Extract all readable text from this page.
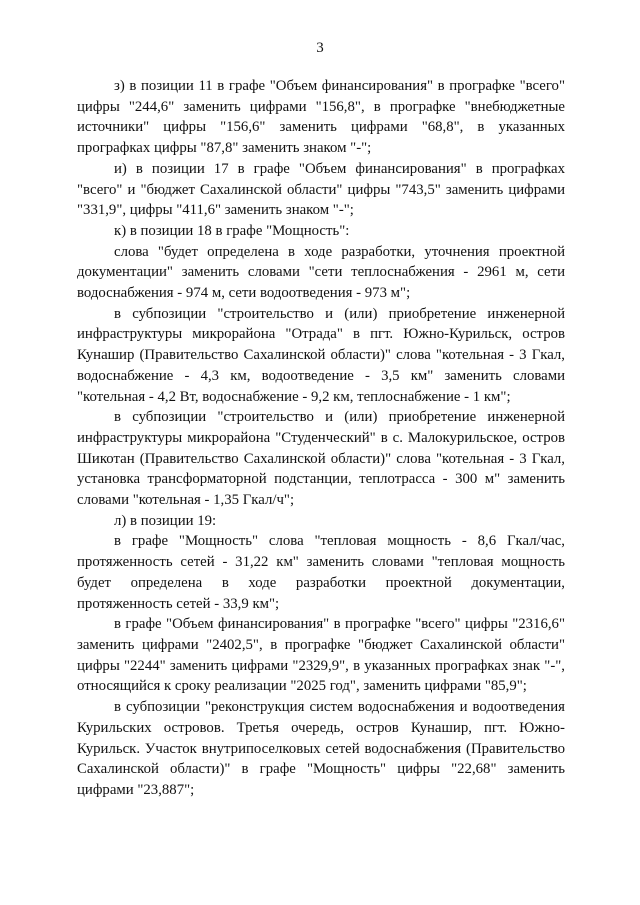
3

з) в позиции 11 в графе "Объем финансирования" в прографке "всего" цифры "244,6" заменить цифрами "156,8", в прографке "внебюджетные источники" цифры "156,6" заменить цифрами "68,8", в указанных прографках цифры "87,8" заменить знаком "-";

и) в позиции 17 в графе "Объем финансирования" в прографках "всего" и "бюджет Сахалинской области" цифры "743,5" заменить цифрами "331,9", цифры "411,6" заменить знаком "-";

к) в позиции 18 в графе "Мощность":

слова "будет определена в ходе разработки, уточнения проектной документации" заменить словами "сети теплоснабжения - 2961 м, сети водоснабжения - 974 м, сети водоотведения - 973 м";

в субпозиции "строительство и (или) приобретение инженерной инфраструктуры микрорайона "Отрада" в пгт. Южно-Курильск, остров Кунашир (Правительство Сахалинской области)" слова "котельная - 3 Гкал, водоснабжение - 4,3 км, водоотведение - 3,5 км" заменить словами "котельная - 4,2 Вт, водоснабжение - 9,2 км, теплоснабжение - 1 км";

в субпозиции "строительство и (или) приобретение инженерной инфраструктуры микрорайона "Студенческий" в с. Малокурильское, остров Шикотан (Правительство Сахалинской области)" слова "котельная - 3 Гкал, установка трансформаторной подстанции, теплотрасса - 300 м" заменить словами "котельная - 1,35 Гкал/ч";

л) в позиции 19:

в графе "Мощность" слова "тепловая мощность - 8,6 Гкал/час, протяженность сетей - 31,22 км" заменить словами "тепловая мощность будет определена в ходе разработки проектной документации, протяженность сетей - 33,9 км";

в графе "Объем финансирования" в прографке "всего" цифры "2316,6" заменить цифрами "2402,5", в прографке "бюджет Сахалинской области" цифры "2244" заменить цифрами "2329,9", в указанных прографках знак "-", относящийся к сроку реализации "2025 год", заменить цифрами "85,9";

в субпозиции "реконструкция систем водоснабжения и водоотведения Курильских островов. Третья очередь, остров Кунашир, пгт. Южно-Курильск. Участок внутрипоселковых сетей водоснабжения (Правительство Сахалинской области)" в графе "Мощность" цифры "22,68" заменить цифрами "23,887";
